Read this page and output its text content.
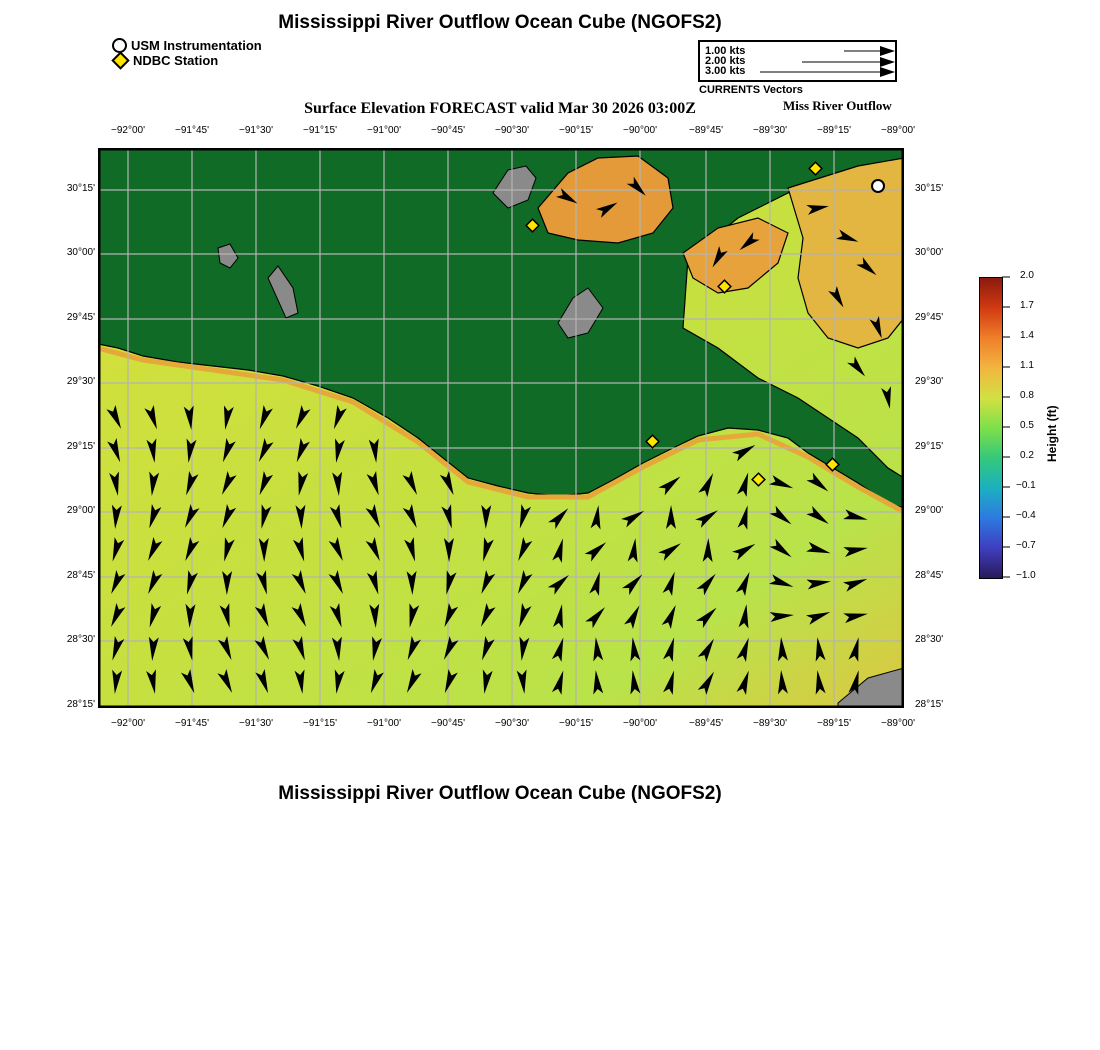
Mississippi River Outflow Ocean Cube (NGOFS2)
USM Instrumentation
NDBC Station
1.00 kts
2.00 kts
3.00 kts
CURRENTS Vectors
Surface Elevation FORECAST valid Mar 30 2026 03:00Z	Miss River Outflow
−92°00'	−91°45'	−91°30'	−91°15'	−91°00'	−90°45'	−90°30'	−90°15'	−90°00'	−89°45'	−89°30'	−89°15'	−89°00'
−92°00'	−91°45'	−91°30'	−91°15'	−91°00'	−90°45'	−90°30'	−90°15'	−90°00'	−89°45'	−89°30'	−89°15'	−89°00'
30°15'
30°00'
29°45'
29°30'
29°15'
29°00'
28°45'
28°30'
28°15'
30°15'
30°00'
29°45'
29°30'
29°15'
29°00'
28°45'
28°30'
28°15'
2.0
1.7
1.4
1.1
0.8
0.5
0.2
−0.1
−0.4
−0.7
−1.0
Height (ft)
Mississippi River Outflow Ocean Cube (NGOFS2)
